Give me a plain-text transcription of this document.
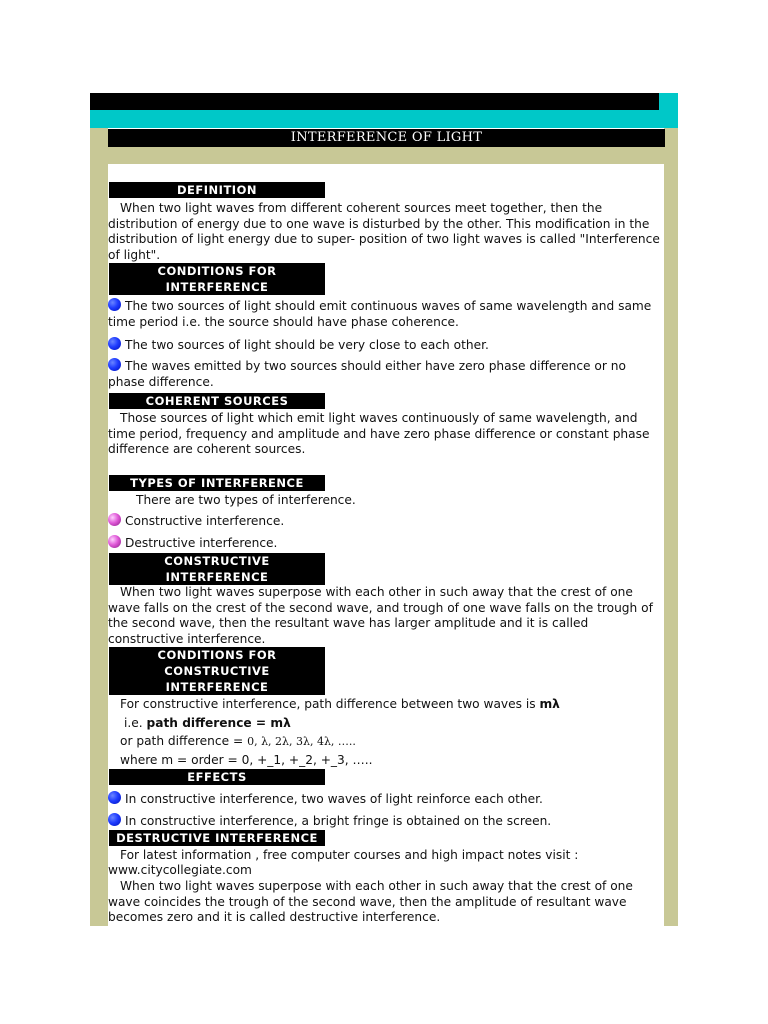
INTERFERENCE OF LIGHT
DEFINITION

When two light waves from different coherent sources meet together, then the distribution of energy due to one wave is disturbed by the other. This modification in the distribution of light energy due to super- position of two light waves is called "Interference of light".

CONDITIONS FOR
INTERFERENCE
The two sources of light should emit continuous waves of same wavelength and same time period i.e. the source should have phase coherence.
The two sources of light should be very close to each other.
The waves emitted by two sources should either have zero phase difference or no phase difference.
COHERENT SOURCES

Those sources of light which emit light waves continuously of same wavelength, and time period, frequency and amplitude and have zero phase difference or constant phase difference are coherent sources.

TYPES OF INTERFERENCE
There are two types of interference.
Constructive interference.
Destructive interference.
CONSTRUCTIVE
INTERFERENCE

When two light waves superpose with each other in such away that the crest of one wave falls on the crest of the second wave, and trough of one wave falls on the trough of the second wave, then the resultant wave has larger amplitude and it is called constructive interference.

CONDITIONS FOR
CONSTRUCTIVE
INTERFERENCE
For constructive interference, path difference between two waves is mλ
i.e. path difference = mλ
or path difference = 0, λ, 2λ, 3λ, 4λ, …..
where m = order = 0, +_1, +_2, +_3, …..
EFFECTS
In constructive interference, two waves of light reinforce each other.
In constructive interference, a bright fringe is obtained on the screen.
DESTRUCTIVE INTERFERENCE
For latest information , free computer courses and high impact notes visit :
www.citycollegiate.com

When two light waves superpose with each other in such away that the crest of one wave coincides the trough of the second wave, then the amplitude of resultant wave becomes zero and it is called destructive interference.
